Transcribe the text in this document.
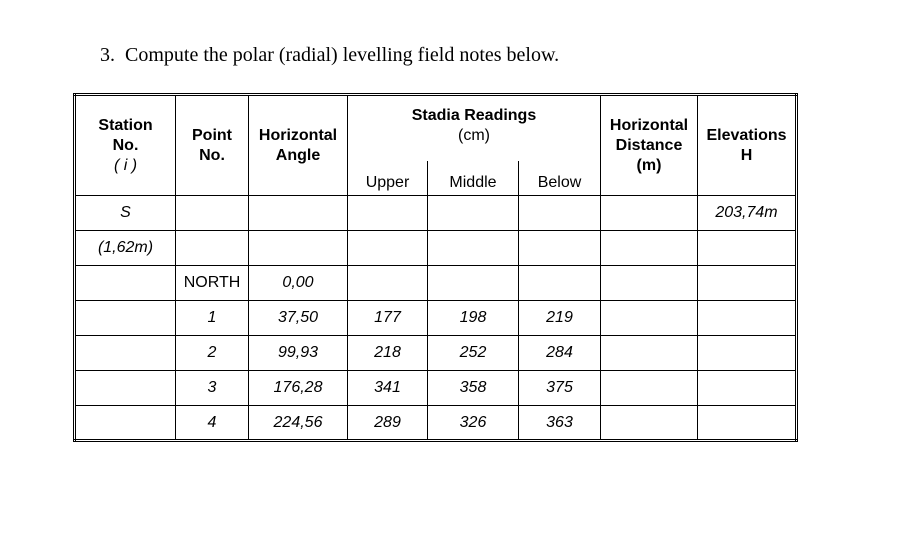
3. Compute the polar (radial) levelling field notes below.
Station
No.
( i )	Point
No.	Horizontal
Angle	Stadia Readings
(cm)			Horizontal
Distance
(m)	Elevations
H

			Upper	Middle	Below		
S							203,74m
(1,62m)							
	NORTH	0,00					
	1	37,50	177	198	219		
	2	99,93	218	252	284		
	3	176,28	341	358	375		
	4	224,56	289	326	363		
